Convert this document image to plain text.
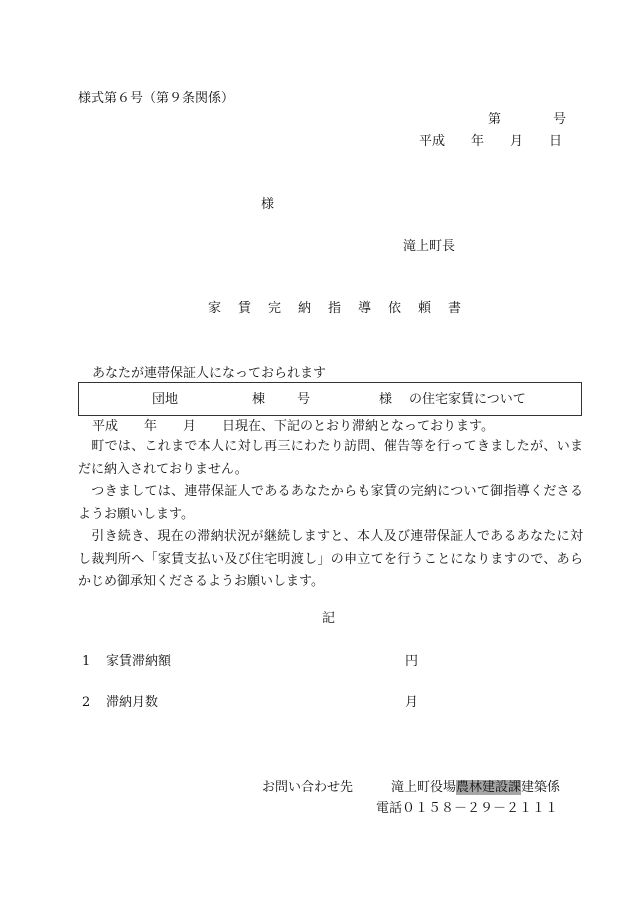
様式第６号（第９条関係）
第　　　　号
平成　　年　　月　　日
様
滝上町長
家賃完納指導依頼書
あなたが連帯保証人になっておられます
団地	棟 号	様 の住宅家賃について
平成　　年　　月　　日現在、下記のとおり滞納となっております。
　町では、これまで本人に対し再三にわたり訪問、催告等を行ってきましたが、いまだに納入されておりません。
　つきましては、連帯保証人であるあなたからも家賃の完納について御指導くださるようお願いします。
　引き続き、現在の滞納状況が継続しますと、本人及び連帯保証人であるあなたに対し裁判所へ「家賃支払い及び住宅明渡し」の申立てを行うことになりますので、あらかじめ御承知くださるようお願いします。
記
1 家賃滞納額	円
2 滞納月数	月
お問い合わせ先	滝上町役場農林建設課建築係
電話０１５８－２９－２１１１
